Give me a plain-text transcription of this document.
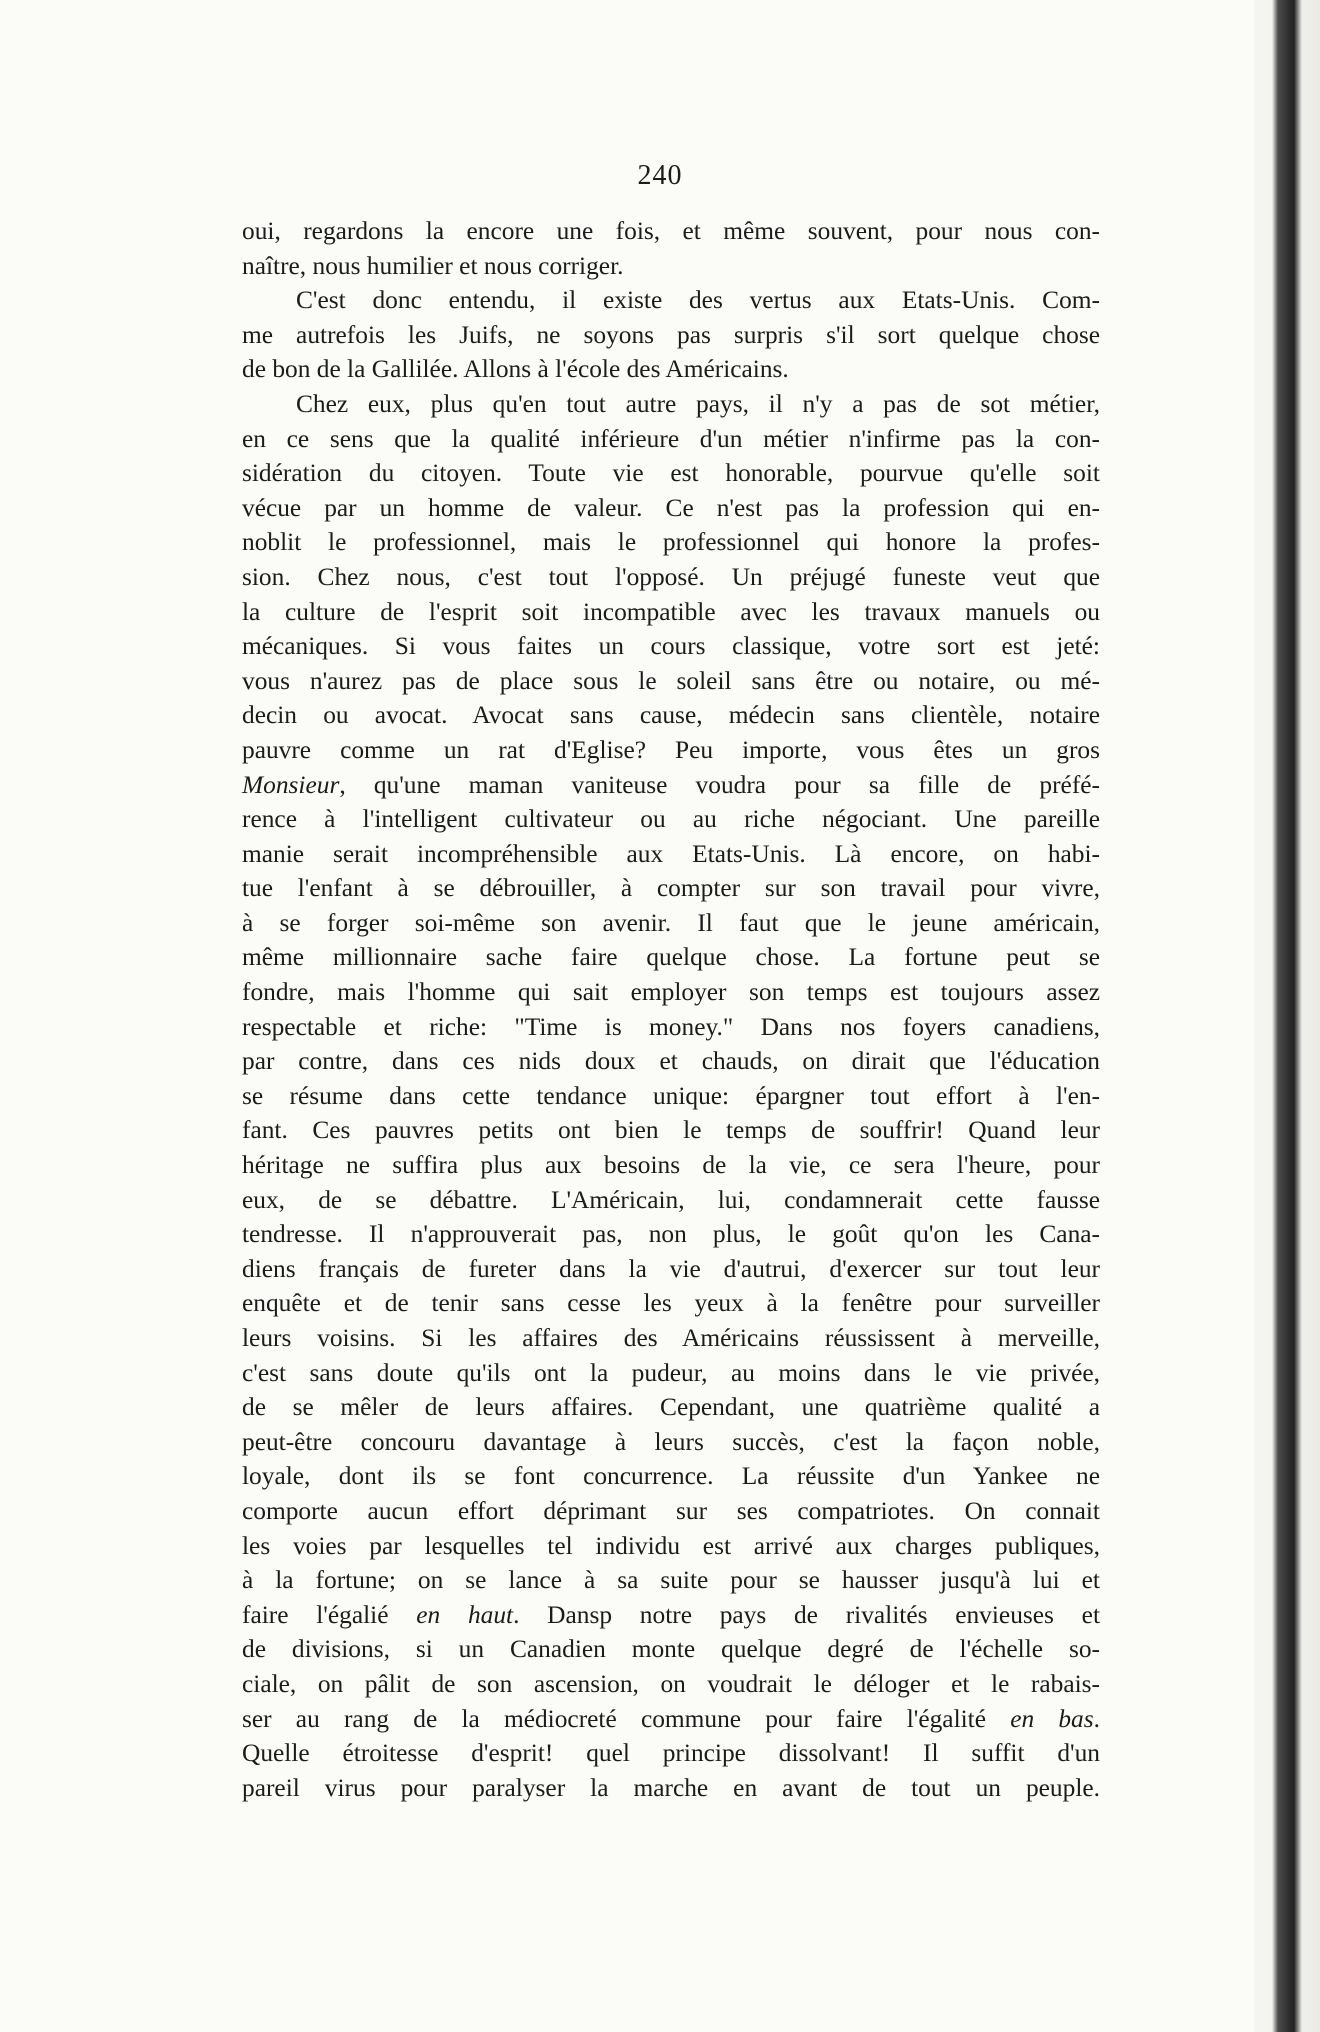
240
oui, regardons la encore une fois, et même souvent, pour nous con-
naître, nous humilier et nous corriger.
C'est donc entendu, il existe des vertus aux Etats-Unis. Com-
me autrefois les Juifs, ne soyons pas surpris s'il sort quelque chose
de bon de la Gallilée. Allons à l'école des Américains.
Chez eux, plus qu'en tout autre pays, il n'y a pas de sot métier,
en ce sens que la qualité inférieure d'un métier n'infirme pas la con-
sidération du citoyen. Toute vie est honorable, pourvue qu'elle soit
vécue par un homme de valeur. Ce n'est pas la profession qui en-
noblit le professionnel, mais le professionnel qui honore la profes-
sion. Chez nous, c'est tout l'opposé. Un préjugé funeste veut que
la culture de l'esprit soit incompatible avec les travaux manuels ou
mécaniques. Si vous faites un cours classique, votre sort est jeté:
vous n'aurez pas de place sous le soleil sans être ou notaire, ou mé-
decin ou avocat. Avocat sans cause, médecin sans clientèle, notaire
pauvre comme un rat d'Eglise? Peu importe, vous êtes un gros
Monsieur, qu'une maman vaniteuse voudra pour sa fille de préfé-
rence à l'intelligent cultivateur ou au riche négociant. Une pareille
manie serait incompréhensible aux Etats-Unis. Là encore, on habi-
tue l'enfant à se débrouiller, à compter sur son travail pour vivre,
à se forger soi-même son avenir. Il faut que le jeune américain,
même millionnaire sache faire quelque chose. La fortune peut se
fondre, mais l'homme qui sait employer son temps est toujours assez
respectable et riche: "Time is money." Dans nos foyers canadiens,
par contre, dans ces nids doux et chauds, on dirait que l'éducation
se résume dans cette tendance unique: épargner tout effort à l'en-
fant. Ces pauvres petits ont bien le temps de souffrir! Quand leur
héritage ne suffira plus aux besoins de la vie, ce sera l'heure, pour
eux, de se débattre. L'Américain, lui, condamnerait cette fausse
tendresse. Il n'approuverait pas, non plus, le goût qu'on les Cana-
diens français de fureter dans la vie d'autrui, d'exercer sur tout leur
enquête et de tenir sans cesse les yeux à la fenêtre pour surveiller
leurs voisins. Si les affaires des Américains réussissent à merveille,
c'est sans doute qu'ils ont la pudeur, au moins dans le vie privée,
de se mêler de leurs affaires. Cependant, une quatrième qualité a
peut-être concouru davantage à leurs succès, c'est la façon noble,
loyale, dont ils se font concurrence. La réussite d'un Yankee ne
comporte aucun effort déprimant sur ses compatriotes. On connait
les voies par lesquelles tel individu est arrivé aux charges publiques,
à la fortune; on se lance à sa suite pour se hausser jusqu'à lui et
faire l'égalié en haut. Dansp notre pays de rivalités envieuses et
de divisions, si un Canadien monte quelque degré de l'échelle so-
ciale, on pâlit de son ascension, on voudrait le déloger et le rabais-
ser au rang de la médiocreté commune pour faire l'égalité en bas.
Quelle étroitesse d'esprit! quel principe dissolvant! Il suffit d'un
pareil virus pour paralyser la marche en avant de tout un peuple.
